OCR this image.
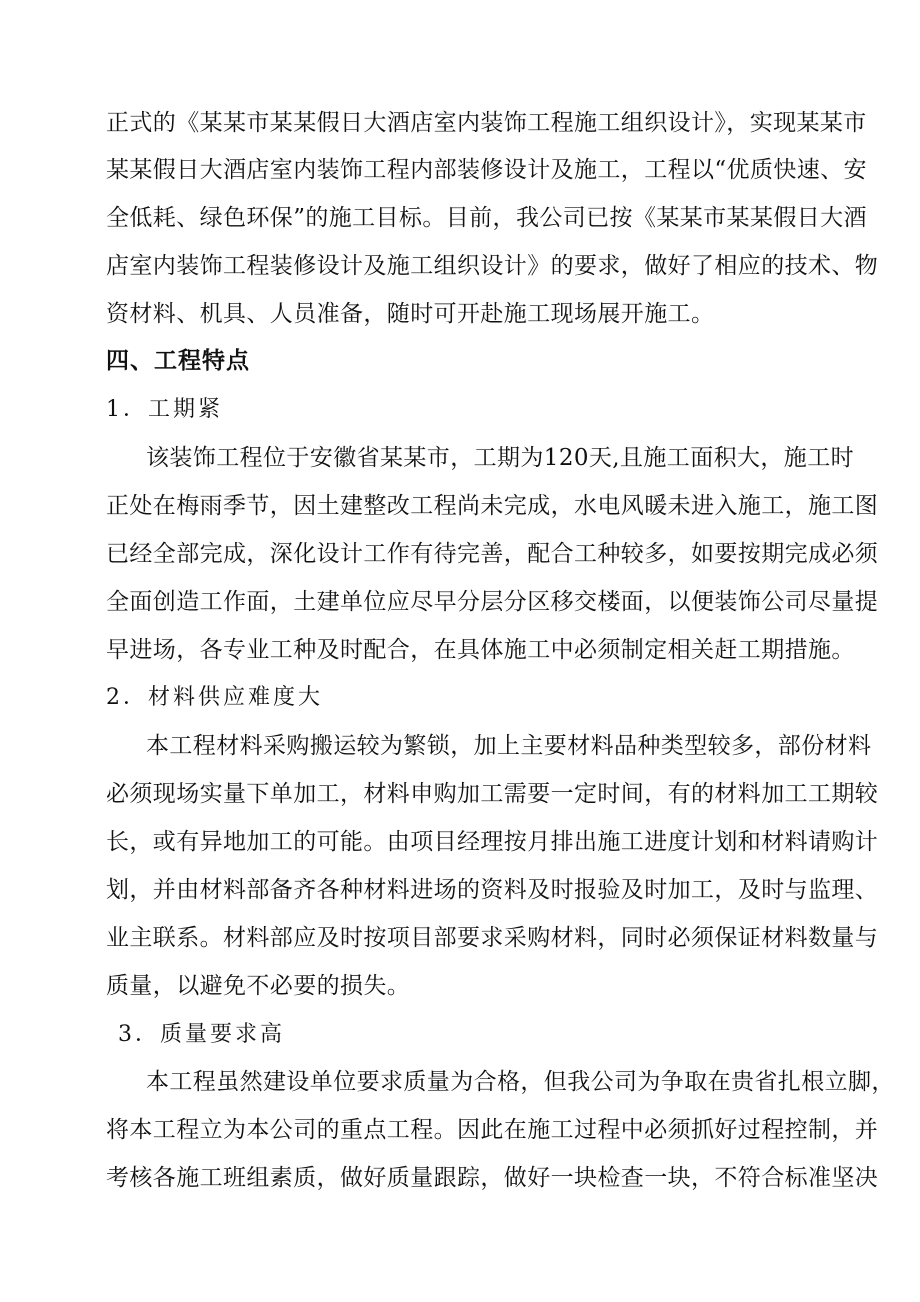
正式的《某某市某某假日大酒店室内装饰工程施工组织设计》，实现某某市
某某假日大酒店室内装饰工程内部装修设计及施工，工程以“优质快速、安
全低耗、绿色环保”的施工目标。目前，我公司已按《某某市某某假日大酒
店室内装饰工程装修设计及施工组织设计》的要求，做好了相应的技术、物
资材料、机具、人员准备，随时可开赴施工现场展开施工。
四、工程特点
1．工期紧
该装饰工程位于安徽省某某市，工期为120天,且施工面积大，施工时
正处在梅雨季节，因土建整改工程尚未完成，水电风暖未进入施工，施工图
已经全部完成，深化设计工作有待完善，配合工种较多，如要按期完成必须
全面创造工作面，土建单位应尽早分层分区移交楼面，以便装饰公司尽量提
早进场，各专业工种及时配合，在具体施工中必须制定相关赶工期措施。
2．材料供应难度大
本工程材料采购搬运较为繁锁，加上主要材料品种类型较多，部份材料
必须现场实量下单加工，材料申购加工需要一定时间，有的材料加工工期较
长，或有异地加工的可能。由项目经理按月排出施工进度计划和材料请购计
划，并由材料部备齐各种材料进场的资料及时报验及时加工，及时与监理、
业主联系。材料部应及时按项目部要求采购材料，同时必须保证材料数量与
质量，以避免不必要的损失。
3．质量要求高
本工程虽然建设单位要求质量为合格，但我公司为争取在贵省扎根立脚，
将本工程立为本公司的重点工程。因此在施工过程中必须抓好过程控制，并
考核各施工班组素质，做好质量跟踪，做好一块检查一块，不符合标准坚决
